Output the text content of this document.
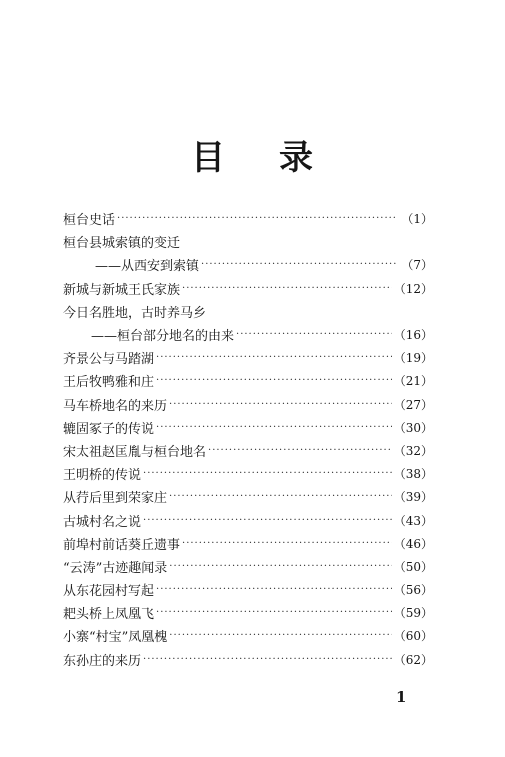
目 录
桓台史话 ·····	（1）
桓台县城索镇的变迁
——从西安到索镇 ·····	（7）
新城与新城王氏家族 ·····	（12）
今日名胜地，古时养马乡
——桓台部分地名的由来 ·····	（16）
齐景公与马踏湖 ·····	（19）
王后牧鸭雅和庄 ·····	（21）
马车桥地名的来历 ·····	（27）
辘固冢子的传说 ·····	（30）
宋太祖赵匡胤与桓台地名 ·····	（32）
王明桥的传说 ·····	（38）
从荇后里到荣家庄 ·····	（39）
古城村名之说 ·····	（43）
前埠村前话葵丘遗事 ·····	（46）
“云涛”古迹趣闻录 ·····	（50）
从东花园村写起 ·····	（56）
耙头桥上凤凰飞 ·····	（59）
小寨“村宝”凤凰槐 ·····	（60）
东孙庄的来历 ·····	（62）
1
